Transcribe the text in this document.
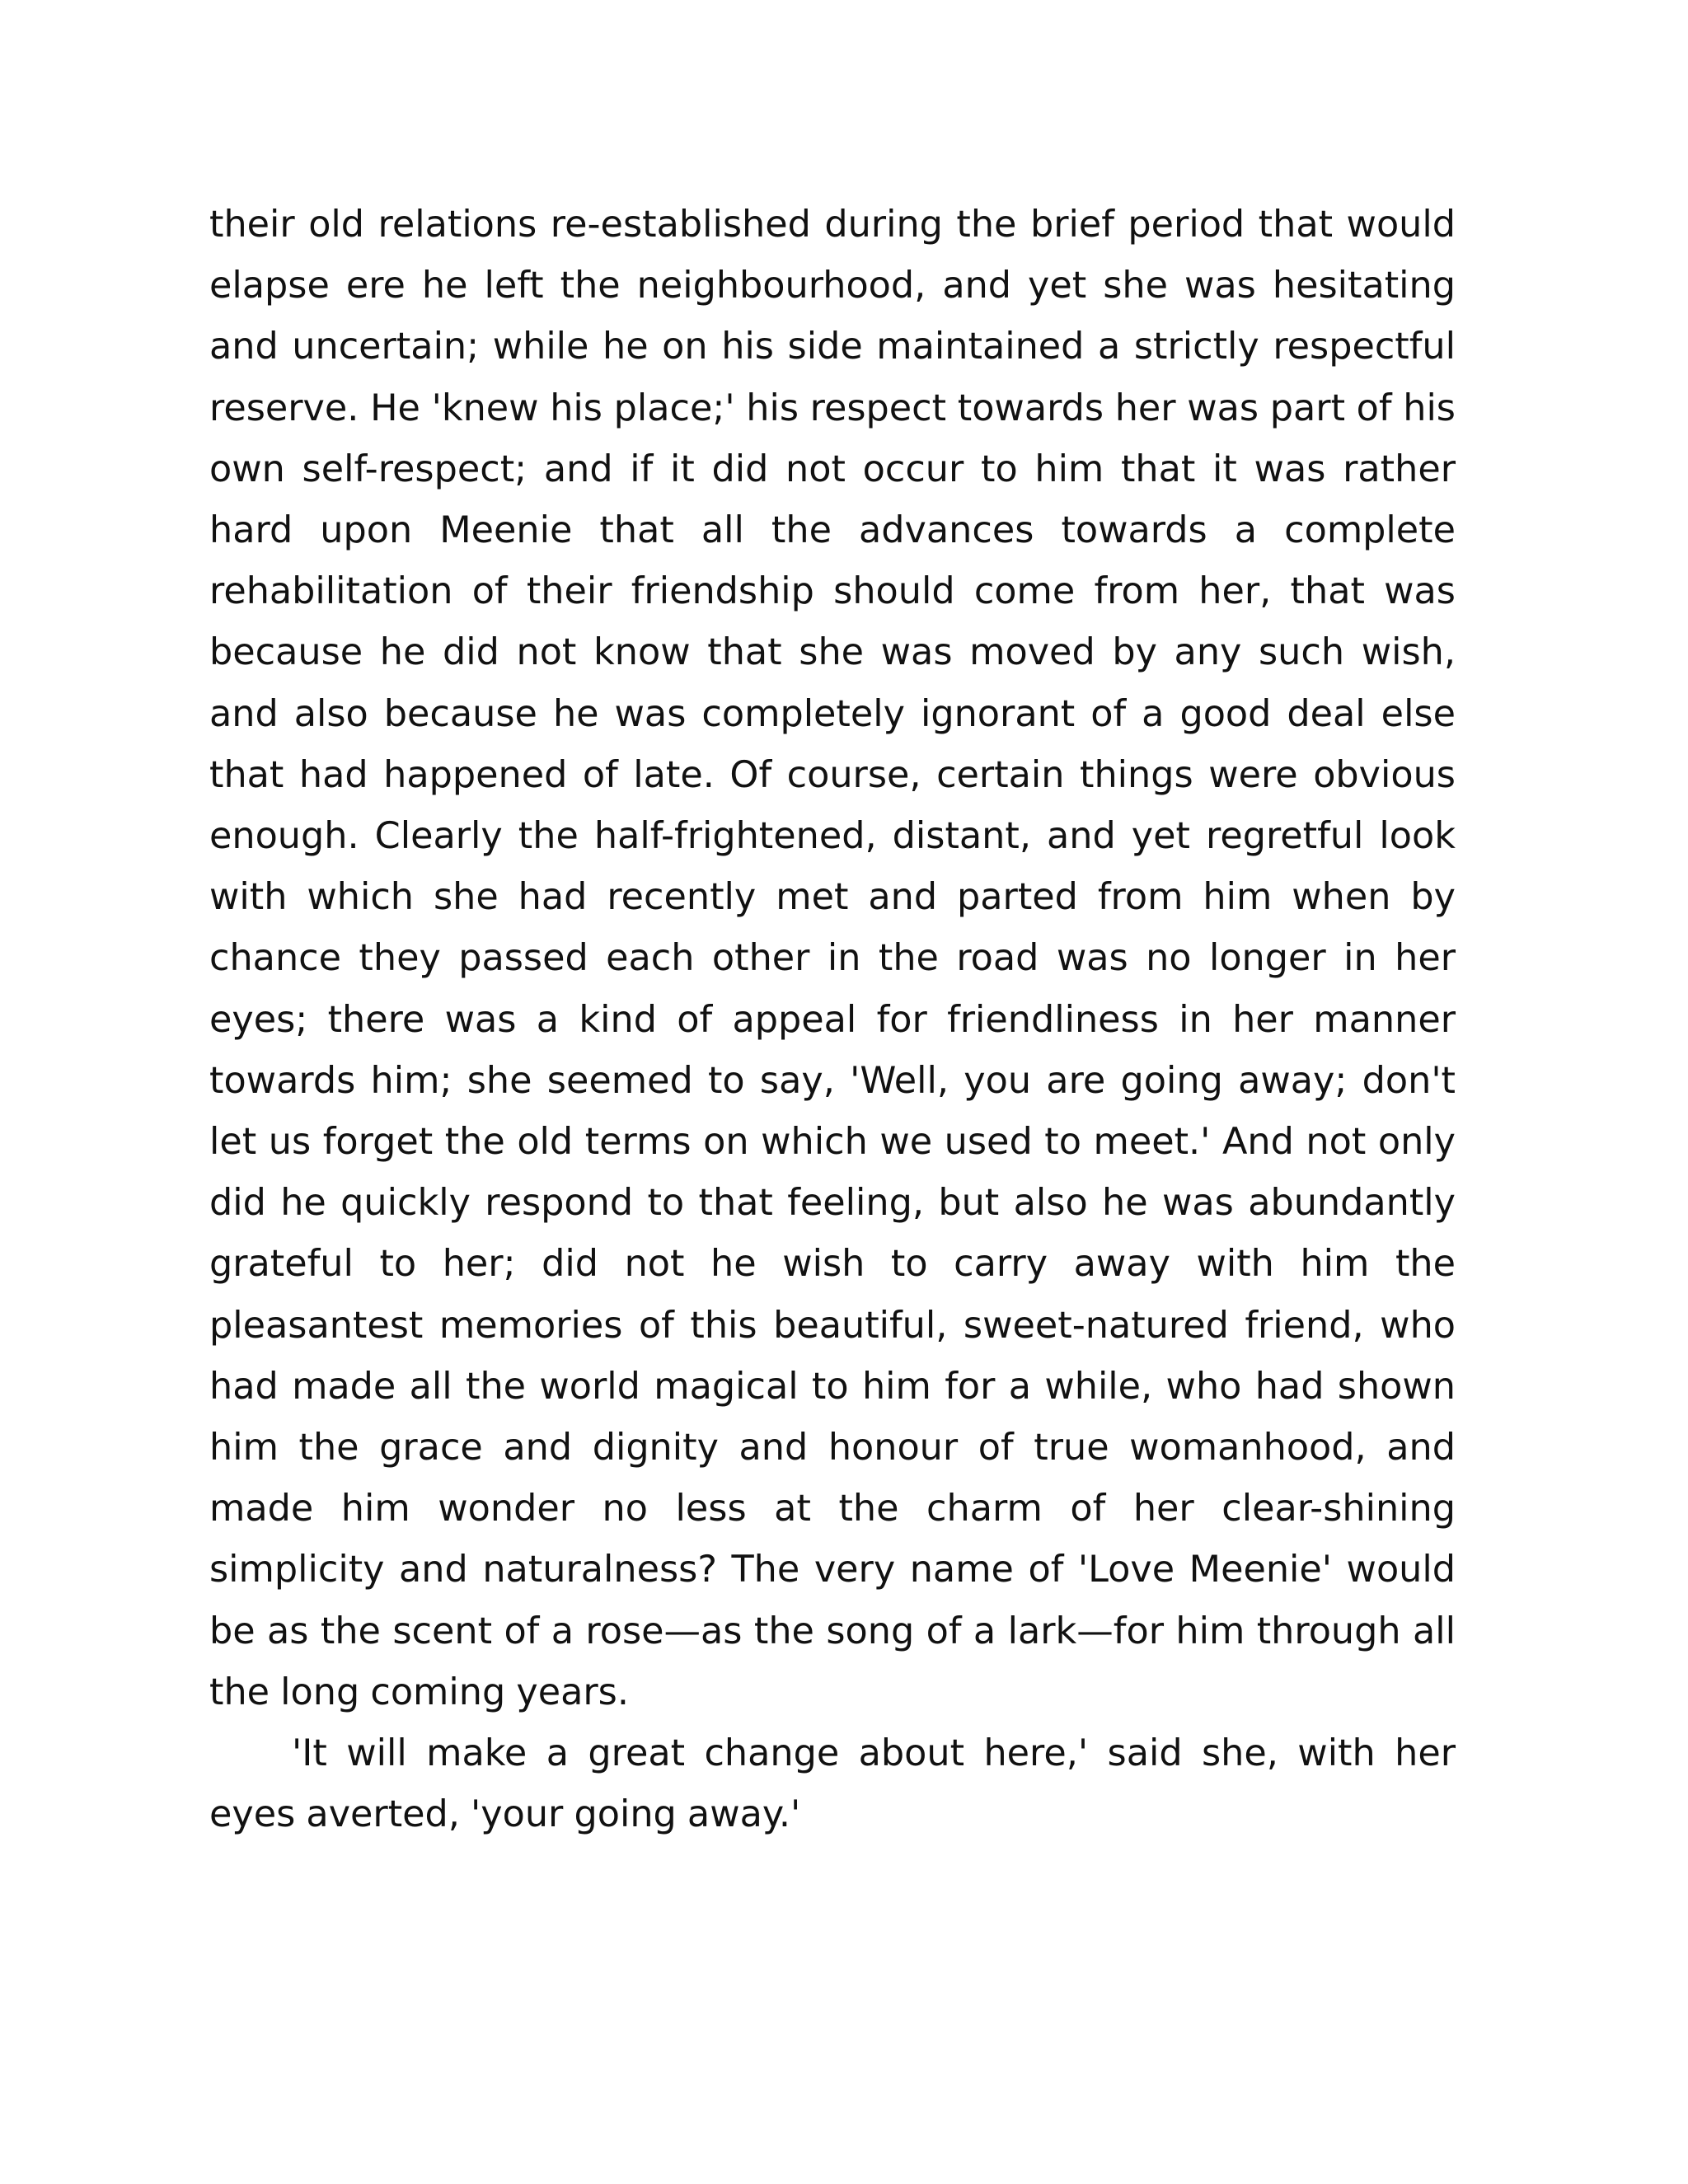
their old relations re-established during the brief period that would elapse ere he left the neighbourhood, and yet she was hesitating and uncertain; while he on his side maintained a strictly respectful reserve. He 'knew his place;' his respect towards her was part of his own self-respect; and if it did not occur to him that it was rather hard upon Meenie that all the advances towards a complete rehabilitation of their friendship should come from her, that was because he did not know that she was moved by any such wish, and also because he was completely ignorant of a good deal else that had happened of late. Of course, certain things were obvious enough. Clearly the half-frightened, distant, and yet regretful look with which she had recently met and parted from him when by chance they passed each other in the road was no longer in her eyes; there was a kind of appeal for friendliness in her manner towards him; she seemed to say, 'Well, you are going away; don't let us forget the old terms on which we used to meet.' And not only did he quickly respond to that feeling, but also he was abundantly grateful to her; did not he wish to carry away with him the pleasantest memories of this beautiful, sweet-natured friend, who had made all the world magical to him for a while, who had shown him the grace and dignity and honour of true womanhood, and made him wonder no less at the charm of her clear-shining simplicity and naturalness? The very name of 'Love Meenie' would be as the scent of a rose—as the song of a lark—for him through all the long coming years.

'It will make a great change about here,' said she, with her eyes averted, 'your going away.'
